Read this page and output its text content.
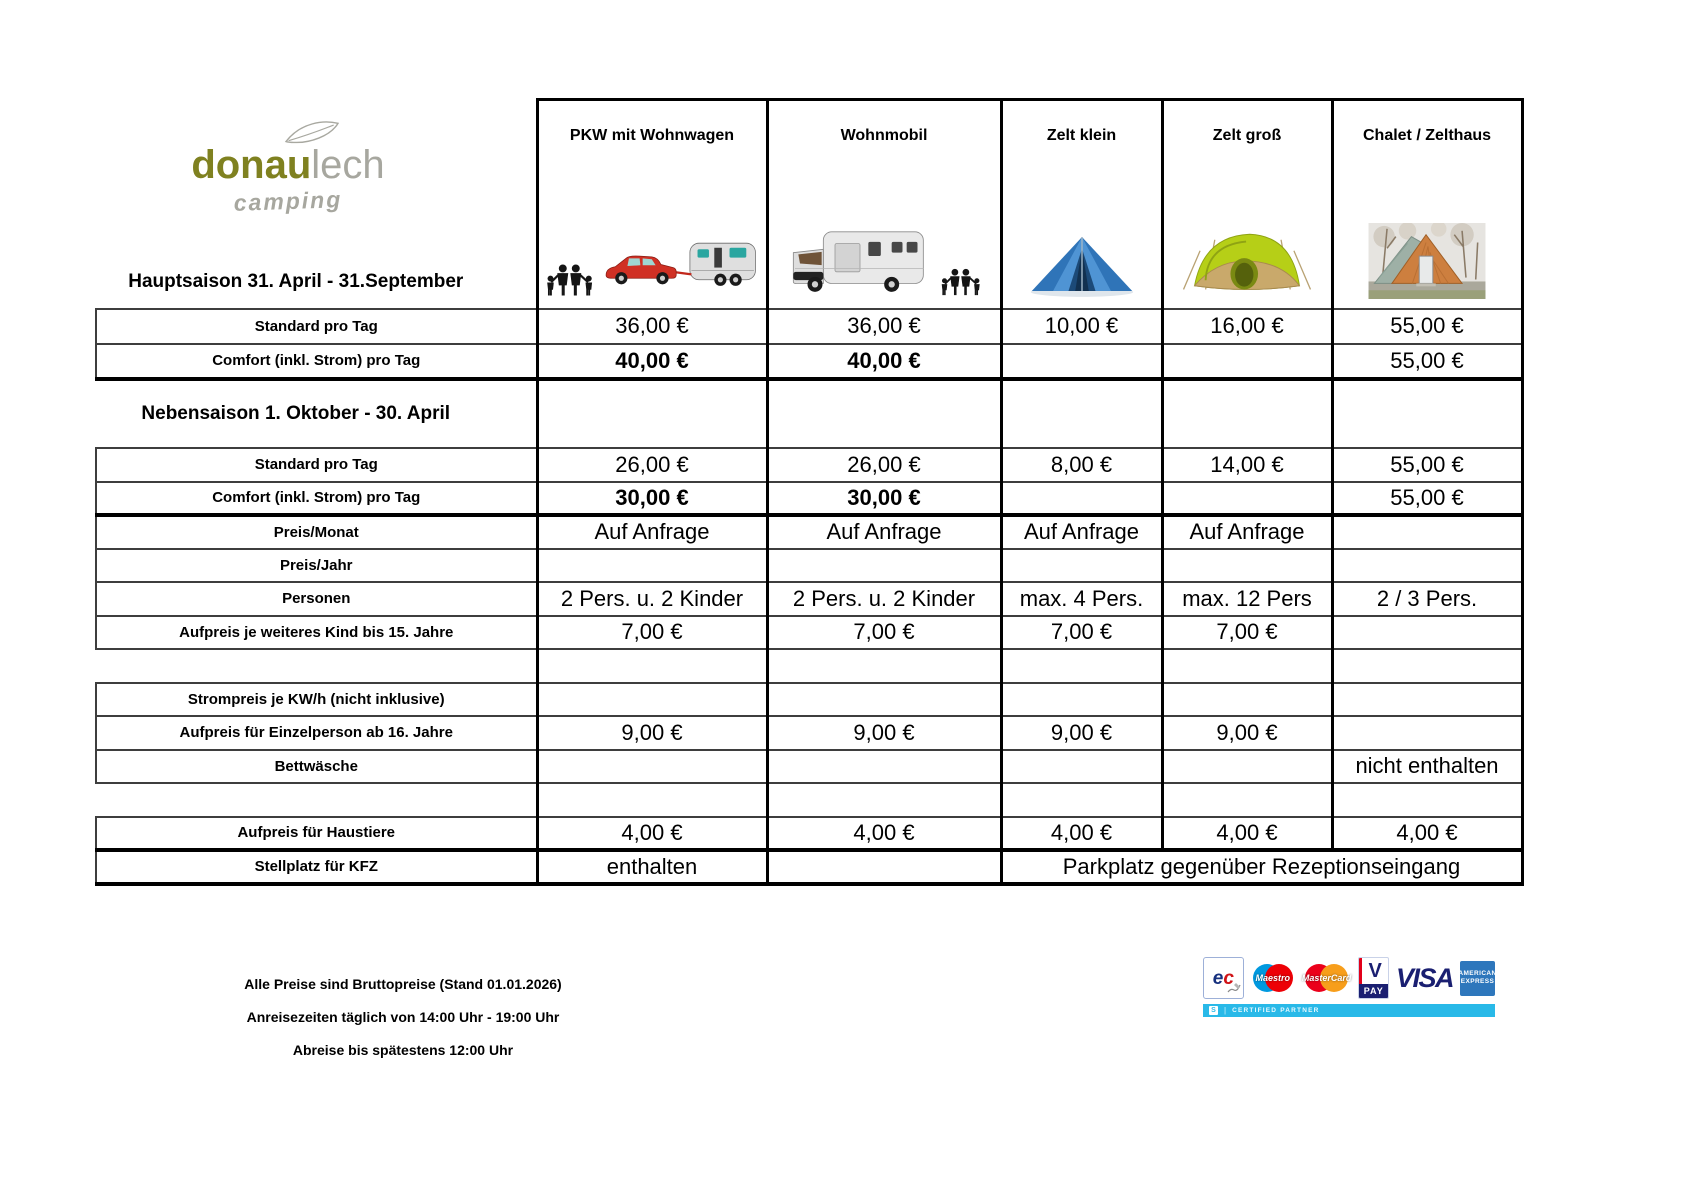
donaulech
camping
Hauptsaison 31. April - 31.September	PKW mit Wohnwagen	Wohnmobil	Zelt klein	Zelt groß	Chalet / Zelthaus

Standard pro Tag	36,00 €	36,00 €	10,00 €	16,00 €	55,00 €
Comfort (inkl. Strom) pro Tag	40,00 €	40,00 €			55,00 €

Nebensaison 1. Oktober - 30. April					

Standard pro Tag	26,00 €	26,00 €	8,00 €	14,00 €	55,00 €
Comfort (inkl. Strom) pro Tag	30,00 €	30,00 €			55,00 €
Preis/Monat	Auf Anfrage	Auf Anfrage	Auf Anfrage	Auf Anfrage	
Preis/Jahr					
Personen	2 Pers. u. 2 Kinder	2 Pers. u. 2 Kinder	max. 4 Pers.	max. 12 Pers	2 / 3 Pers.
Aufpreis je weiteres Kind bis 15. Jahre	7,00 €	7,00 €	7,00 €	7,00 €	

Strompreis je KW/h (nicht inklusive)					
Aufpreis für Einzelperson ab 16. Jahre	9,00 €	9,00 €	9,00 €	9,00 €	
Bettwäsche					nicht enthalten

Aufpreis für Haustiere	4,00 €	4,00 €	4,00 €	4,00 €	4,00 €
Stellplatz für KFZ	enthalten		Parkplatz gegenüber Rezeptionseingang		
Alle Preise sind Bruttopreise (Stand 01.01.2026)
Anreisezeiten täglich von 14:00 Uhr - 19:00 Uhr
Abreise bis spätestens 12:00 Uhr
ec Maestro MasterCard V
PAY VISA AMERICAN EXPRESS
S | CERTIFIED PARTNER
